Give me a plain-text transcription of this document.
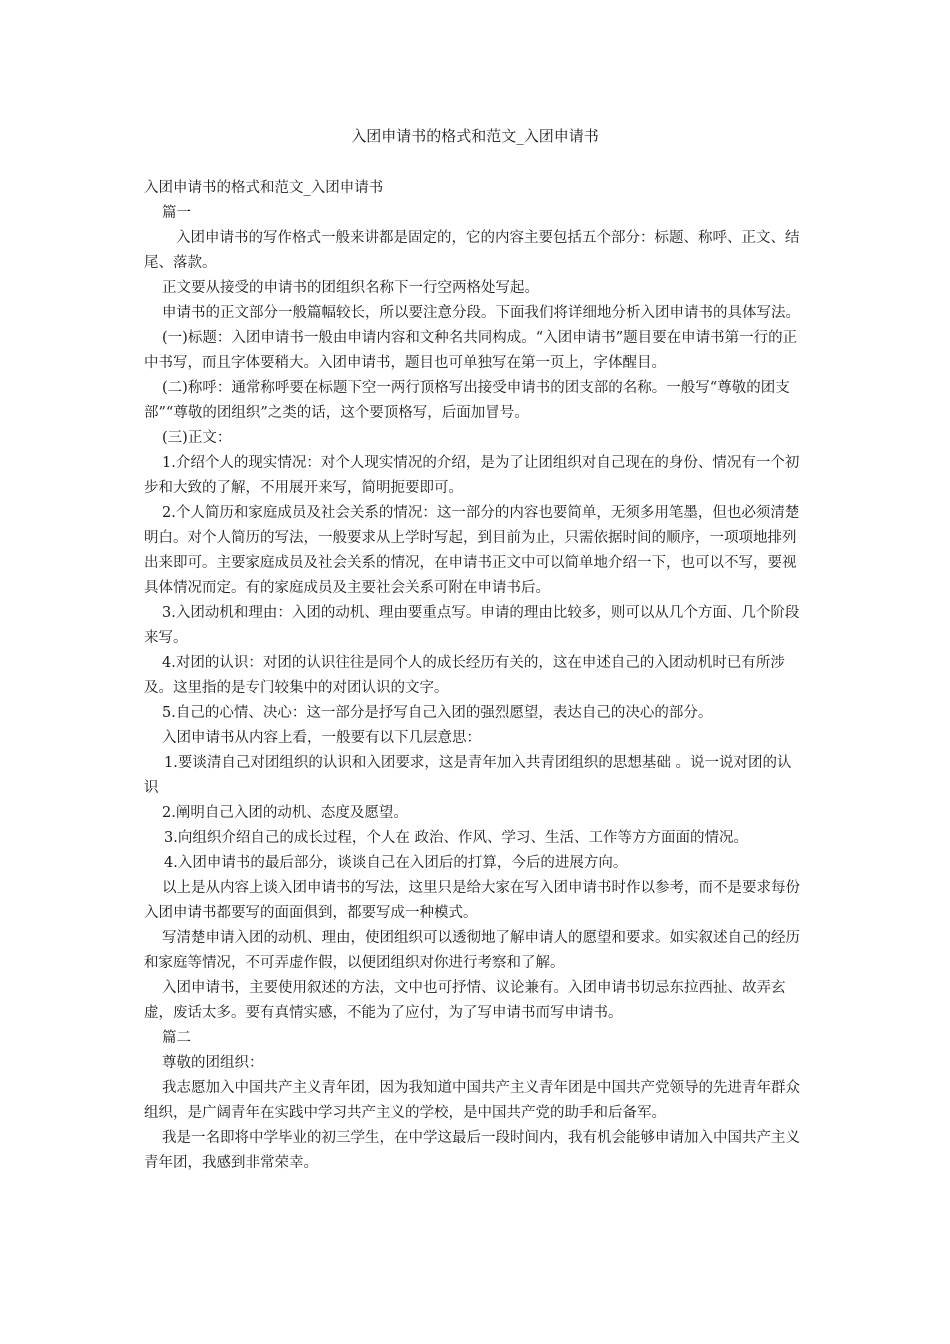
入团申请书的格式和范文_入团申请书

入团申请书的格式和范文_入团申请书

篇一

入团申请书的写作格式一般来讲都是固定的，它的内容主要包括五个部分：标题、称呼、正文、结尾、落款。

正文要从接受的申请书的团组织名称下一行空两格处写起。

申请书的正文部分一般篇幅较长，所以要注意分段。下面我们将详细地分析入团申请书的具体写法。

(一)标题：入团申请书一般由申请内容和文种名共同构成。“入团申请书”题目要在申请书第一行的正中书写，而且字体要稍大。入团申请书，题目也可单独写在第一页上，字体醒目。

(二)称呼：通常称呼要在标题下空一两行顶格写出接受申请书的团支部的名称。一般写“尊敬的团支部”“尊敬的团组织”之类的话，这个要顶格写，后面加冒号。

(三)正文：

1.介绍个人的现实情况：对个人现实情况的介绍，是为了让团组织对自己现在的身份、情况有一个初步和大致的了解，不用展开来写，简明扼要即可。

2.个人简历和家庭成员及社会关系的情况：这一部分的内容也要简单，无须多用笔墨，但也必须清楚明白。对个人简历的写法，一般要求从上学时写起，到目前为止，只需依据时间的顺序，一项项地排列出来即可。主要家庭成员及社会关系的情况，在申请书正文中可以简单地介绍一下，也可以不写，要视具体情况而定。有的家庭成员及主要社会关系可附在申请书后。

3.入团动机和理由：入团的动机、理由要重点写。申请的理由比较多，则可以从几个方面、几个阶段来写。

4.对团的认识：对团的认识往往是同个人的成长经历有关的，这在申述自己的入团动机时已有所涉及。这里指的是专门较集中的对团认识的文字。

5.自己的心情、决心：这一部分是抒写自己入团的强烈愿望，表达自己的决心的部分。

入团申请书从内容上看，一般要有以下几层意思：

1.要谈清自己对团组织的认识和入团要求，这是青年加入共青团组织的思想基础 。说一说对团的认识

2.阐明自己入团的动机、态度及愿望。

3.向组织介绍自己的成长过程，个人在 政治、作风、学习、生活、工作等方方面面的情况。

4.入团申请书的最后部分，谈谈自己在入团后的打算，今后的进展方向。

以上是从内容上谈入团申请书的写法，这里只是给大家在写入团申请书时作以参考，而不是要求每份入团申请书都要写的面面俱到，都要写成一种模式。

写清楚申请入团的动机、理由，使团组织可以透彻地了解申请人的愿望和要求。如实叙述自己的经历和家庭等情况，不可弄虚作假，以便团组织对你进行考察和了解。

入团申请书，主要使用叙述的方法，文中也可抒情、议论兼有。入团申请书切忌东拉西扯、故弄玄虚，废话太多。要有真情实感，不能为了应付，为了写申请书而写申请书。

篇二

尊敬的团组织：

我志愿加入中国共产主义青年团，因为我知道中国共产主义青年团是中国共产党领导的先进青年群众组织，是广阔青年在实践中学习共产主义的学校，是中国共产党的助手和后备军。

我是一名即将中学毕业的初三学生，在中学这最后一段时间内，我有机会能够申请加入中国共产主义青年团，我感到非常荣幸。
